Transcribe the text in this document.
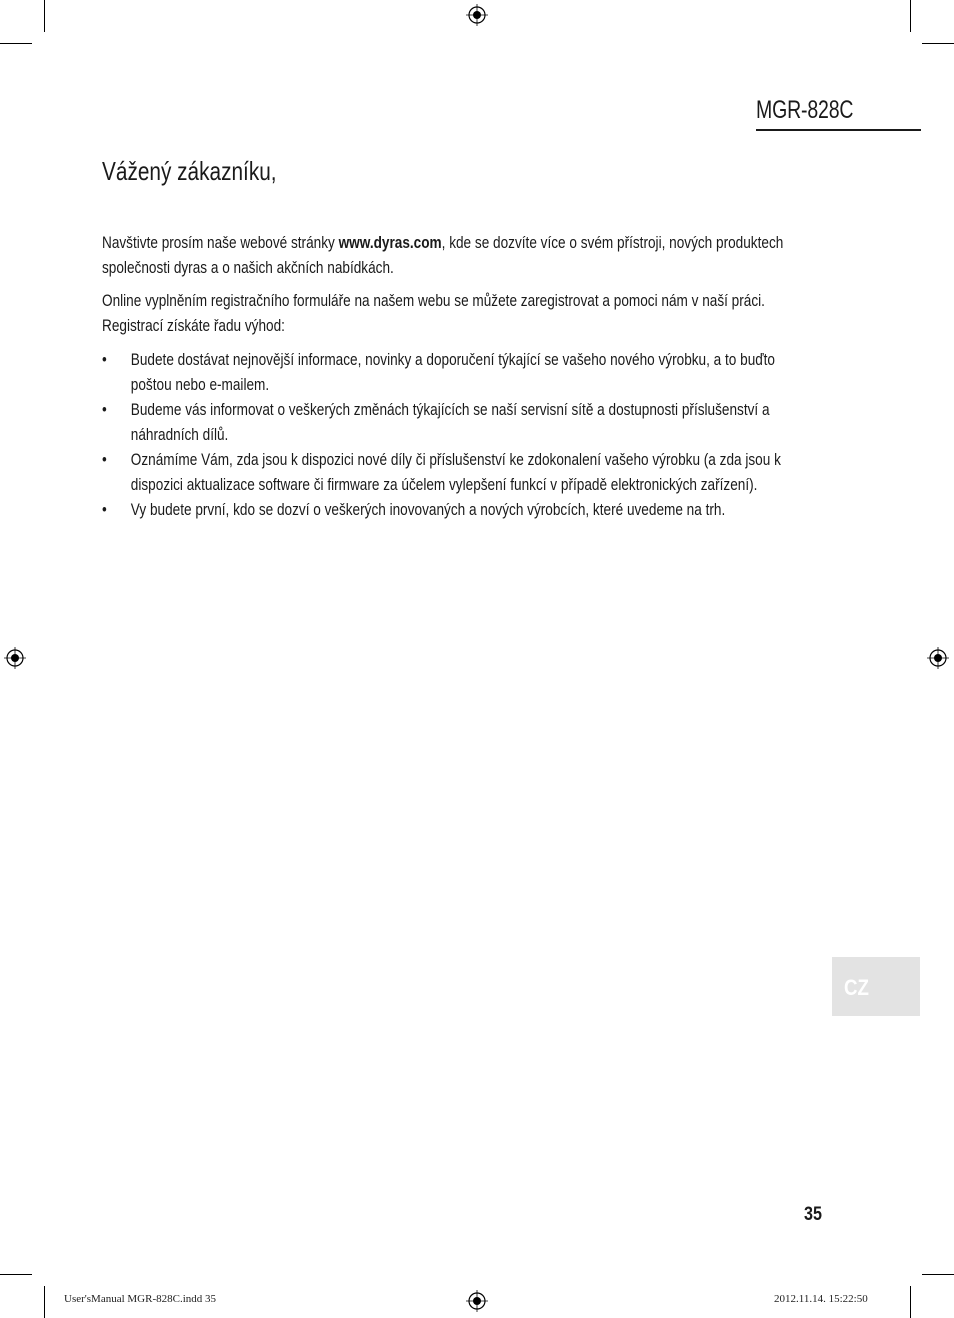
MGR-828C
Vážený zákazníku,

Navštivte prosím naše webové stránky www.dyras.com, kde se dozvíte více o svém přístroji, nových produktech
společnosti dyras a o našich akčních nabídkách.

Online vyplněním registračního formuláře na našem webu se můžete zaregistrovat a pomoci nám v naší práci.
Registrací získáte řadu výhod:

• Budete dostávat nejnovější informace, novinky a doporučení týkající se vašeho nového výrobku, a to buďto
poštou nebo e-mailem.
• Budeme vás informovat o veškerých změnách týkajících se naší servisní sítě a dostupnosti příslušenství a
náhradních dílů.
• Oznámíme Vám, zda jsou k dispozici nové díly či příslušenství ke zdokonalení vašeho výrobku (a zda jsou k
dispozici aktualizace software či firmware za účelem vylepšení funkcí v případě elektronických zařízení).
• Vy budete první, kdo se dozví o veškerých inovovaných a nových výrobcích, které uvedeme na trh.
CZ
35
User'sManual MGR-828C.indd 35	2012.11.14. 15:22:50
